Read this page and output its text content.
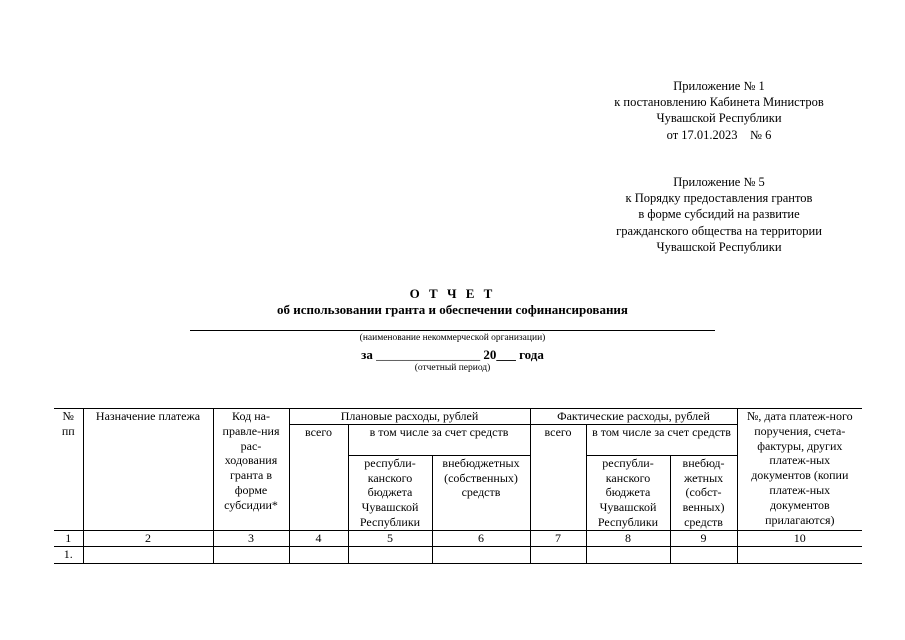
Приложение № 1
к постановлению Кабинета Министров
Чувашской Республики
от 17.01.2023    № 6
Приложение № 5
к Порядку предоставления грантов
в форме субсидий на развитие
гражданского общества на территории
Чувашской Республики
О Т Ч Е Т
об использовании гранта и обеспечении софинансирования
(наименование некоммерческой организации)
за ________________ 20___ года
(отчетный период)
№ пп	Назначение платежа	Код на-правле-ния рас-ходования гранта в форме субсидии*	Плановые расходы, рублей			Фактические расходы, рублей			№, дата платеж-ного поручения, счета-фактуры, других платеж-ных документов (копии платеж-ных документов прилагаются)
			всего	в том числе за счет средств		всего	в том числе за счет средств		
				республи-канского бюджета Чувашской Республики	внебюджетных (собственных) средств		республи-канского бюджета Чувашской Республики	внебюд-жетных (собст-венных) средств	

1	2	3	4	5	6	7	8	9	10
1.									
